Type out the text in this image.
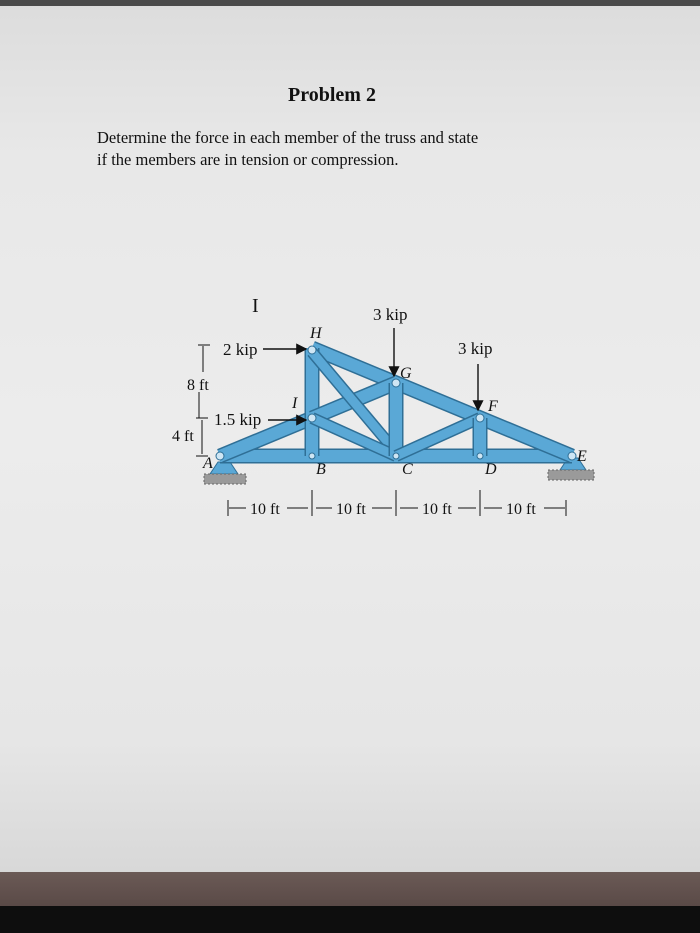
Problem 2
Determine the force in each member of the truss and state
if the members are in tension or compression.
I	3 kip
3 kip
2 kip
1.5 kip
H
I
G
F
A	B	C	D
E
8 ft
4 ft
10 ft	10 ft	10 ft	10 ft
